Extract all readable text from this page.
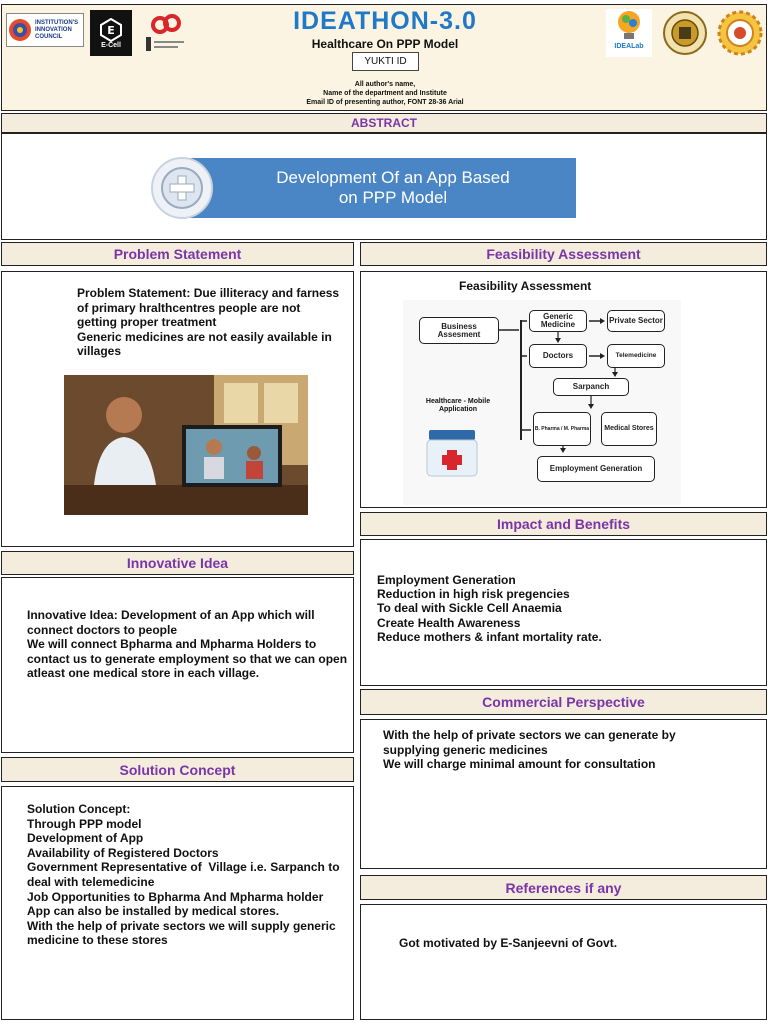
INSTITUTION'S INNOVATION COUNCIL	E
E-Cell
IDEATHON-3.0
Healthcare On PPP Model
YUKTI ID
All author's name,
Name of the department and Institute
Email ID of presenting author, FONT 28-36 Arial
IDEALab
ABSTRACT
Development Of an App Based
on PPP Model
Problem Statement
Problem Statement: Due illiteracy and farness
of primary hralthcentres people are not
getting proper treatment
Generic medicines are not easily available in
villages
Feasibility Assessment
Feasibility Assessment
Business Assesment
Generic Medicine	Private Sector
Doctors	Telemedicine
Sarpanch
Healthcare - Mobile Application
B. Pharma / M. Pharma	Medical Stores
Employment Generation
Innovative Idea
Innovative Idea: Development of an App which will
connect doctors to people
We will connect Bpharma and Mpharma Holders to
contact us to generate employment so that we can open
atleast one medical store in each village.
Impact and Benefits
Employment Generation
Reduction in high risk pregencies
To deal with Sickle Cell Anaemia
Create Health Awareness
Reduce mothers & infant mortality rate.
Commercial Perspective
With the help of private sectors we can generate by
supplying generic medicines
We will charge minimal amount for consultation
Solution Concept
Solution Concept:
Through PPP model
Development of App
Availability of Registered Doctors
Government Representative of  Village i.e. Sarpanch to
deal with telemedicine
Job Opportunities to Bpharma And Mpharma holder
App can also be installed by medical stores.
With the help of private sectors we will supply generic
medicine to these stores
References if any
Got motivated by E-Sanjeevni of Govt.
